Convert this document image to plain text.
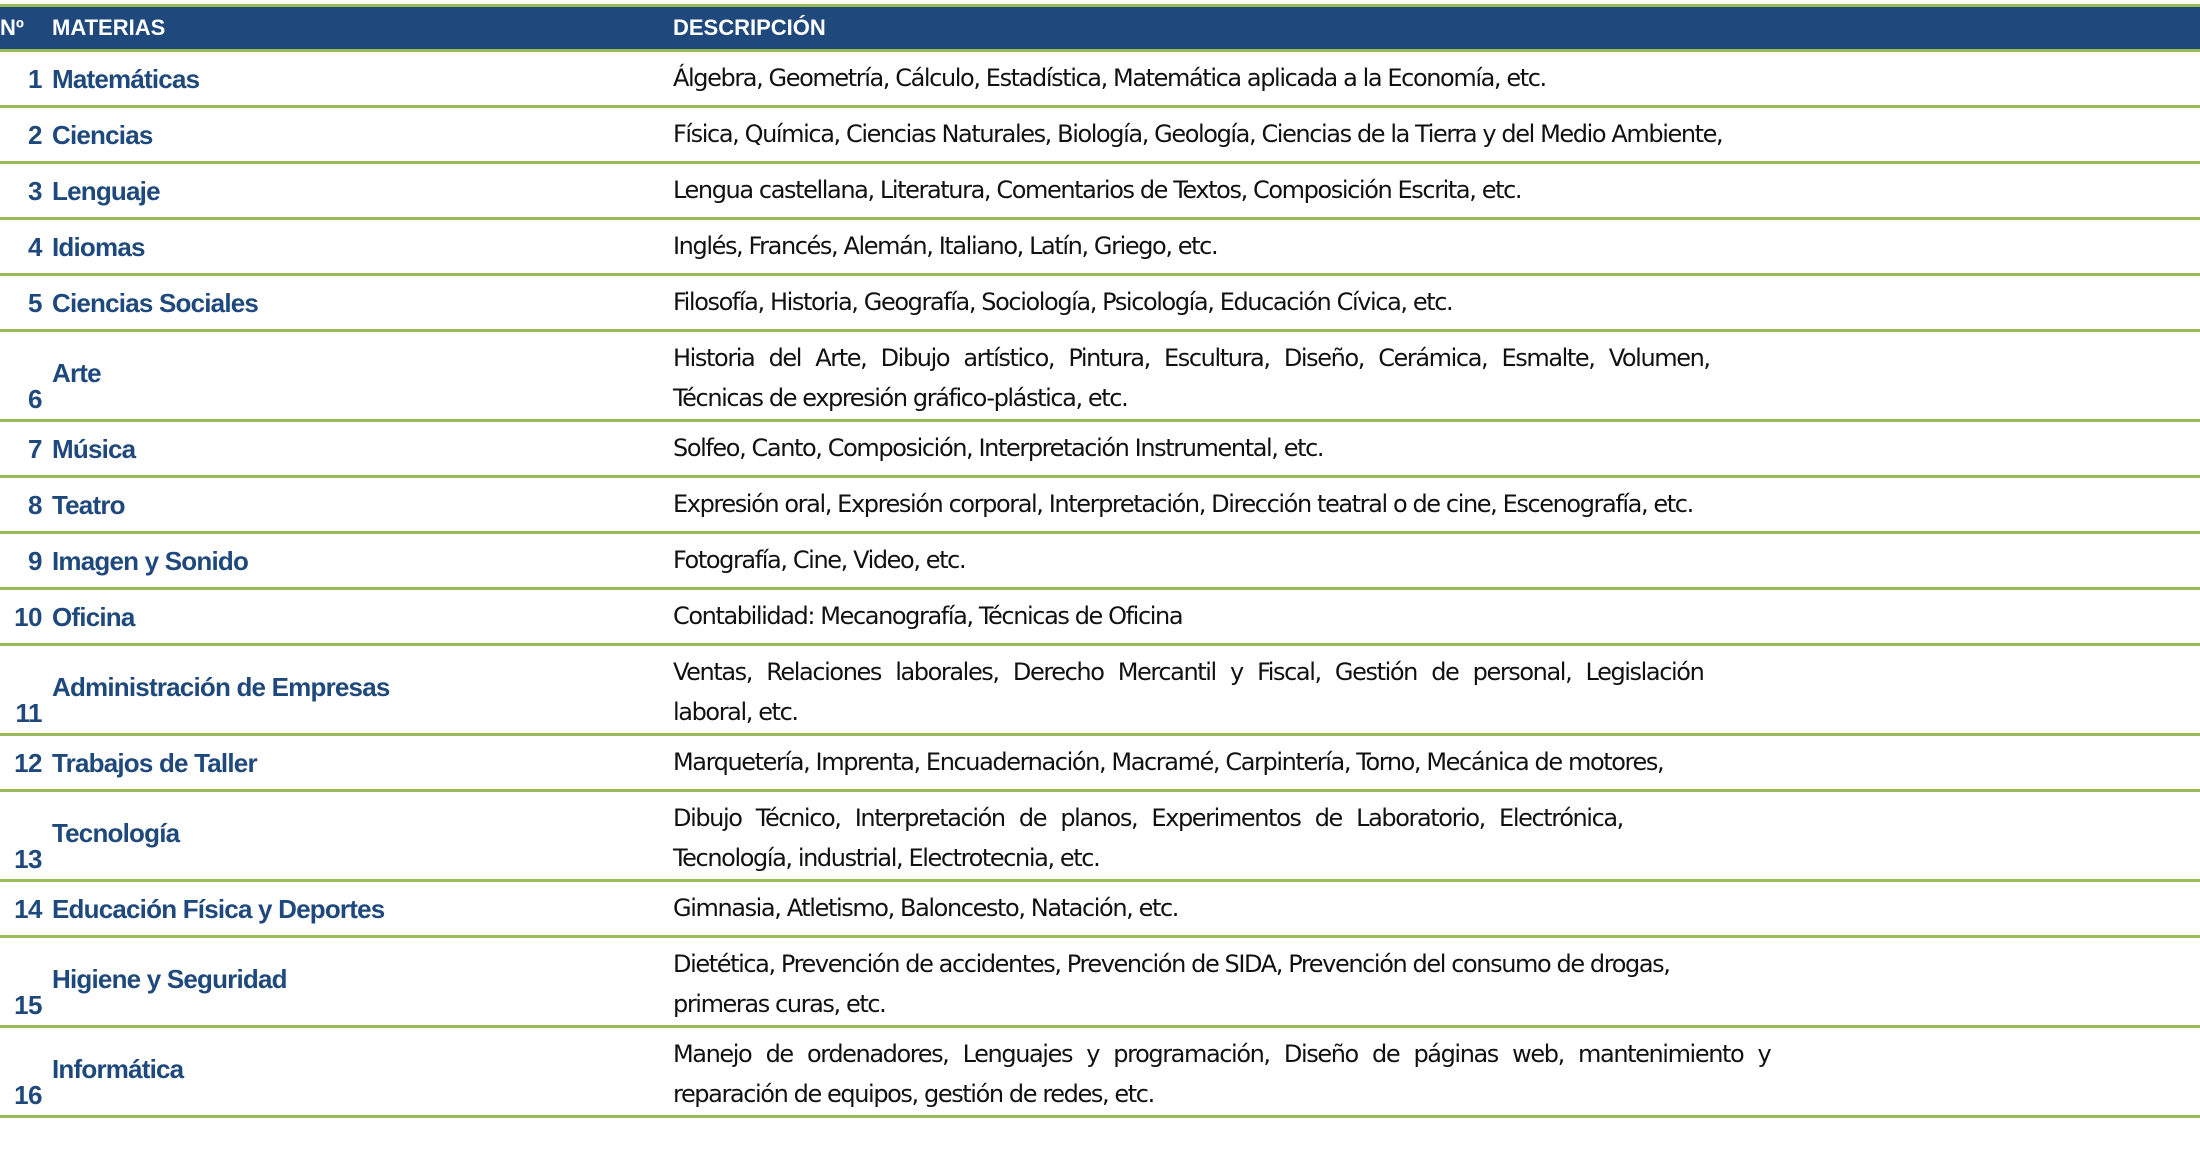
Nº MATERIAS	DESCRIPCIÓN
1 Matemáticas	Álgebra, Geometría, Cálculo, Estadística, Matemática aplicada a la Economía, etc.
2 Ciencias	Física, Química, Ciencias Naturales, Biología, Geología, Ciencias de la Tierra y del Medio Ambiente,
3 Lenguaje	Lengua castellana, Literatura, Comentarios de Textos, Composición Escrita, etc.
4 Idiomas	Inglés, Francés, Alemán, Italiano, Latín, Griego, etc.
5 Ciencias Sociales	Filosofía, Historia, Geografía, Sociología, Psicología, Educación Cívica, etc.
6
Arte	Historia del Arte, Dibujo artístico, Pintura, Escultura, Diseño, Cerámica, Esmalte, Volumen,
Técnicas de expresión gráfico-plástica, etc.
7 Música	Solfeo, Canto, Composición, Interpretación Instrumental, etc.
8 Teatro	Expresión oral, Expresión corporal, Interpretación, Dirección teatral o de cine, Escenografía, etc.
9 Imagen y Sonido	Fotografía, Cine, Video, etc.
10 Oficina	Contabilidad: Mecanografía, Técnicas de Oficina
11
Administración de Empresas	Ventas, Relaciones laborales, Derecho Mercantil y Fiscal, Gestión de personal, Legislación
laboral, etc.
12 Trabajos de Taller	Marquetería, Imprenta, Encuadernación, Macramé, Carpintería, Torno, Mecánica de motores,
13
Tecnología	Dibujo Técnico, Interpretación de planos, Experimentos de Laboratorio, Electrónica,
Tecnología, industrial, Electrotecnia, etc.
14 Educación Física y Deportes	Gimnasia, Atletismo, Baloncesto, Natación, etc.
15
Higiene y Seguridad	Dietética, Prevención de accidentes, Prevención de SIDA, Prevención del consumo de drogas,
primeras curas, etc.
16
Informática	Manejo de ordenadores, Lenguajes y programación, Diseño de páginas web, mantenimiento y
reparación de equipos, gestión de redes, etc.
